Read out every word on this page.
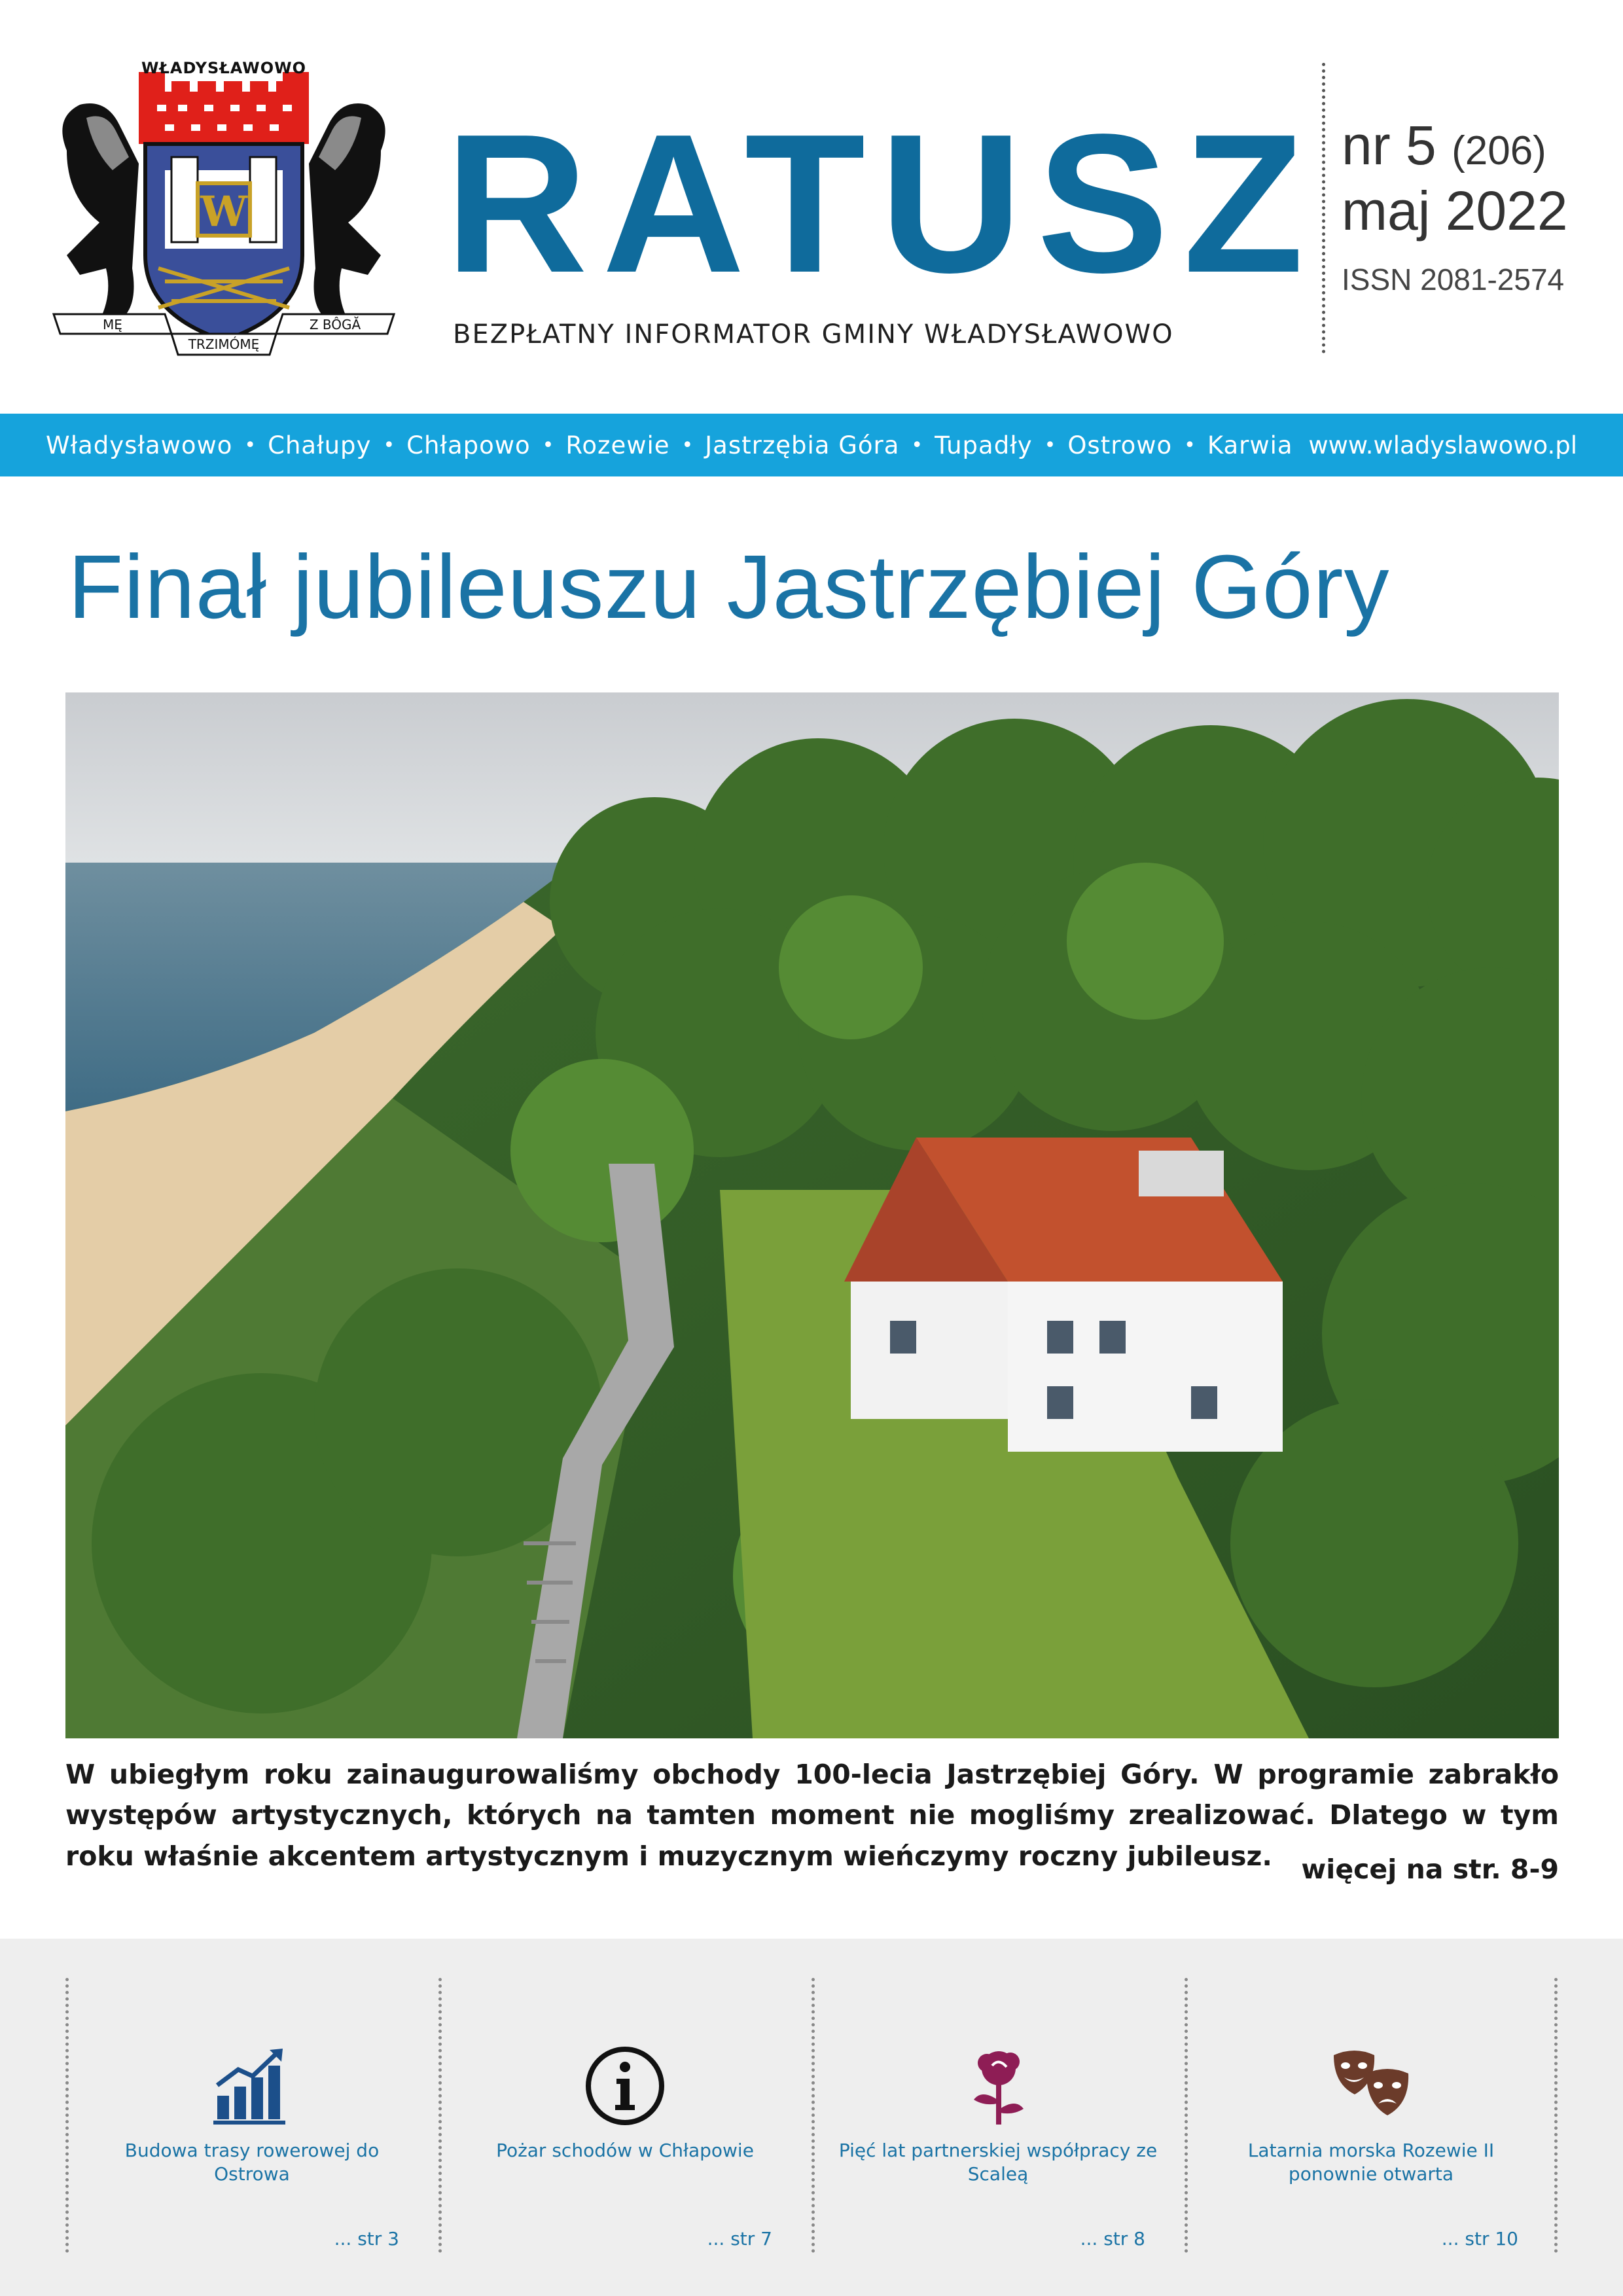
WŁADYSŁAWOWO
W
MĘ	Z BÔGĂ
TRZIMÓMĘ
RATUSZ
BEZPŁATNY INFORMATOR GMINY WŁADYSŁAWOWO
nr 5 (206)
maj 2022
ISSN 2081-2574
Władysławowo • Chałupy • Chłapowo • Rozewie • Jastrzębia Góra • Tupadły • Ostrowo • Karwia www.wladyslawowo.pl
Finał jubileuszu Jastrzębiej Góry

W ubiegłym roku zainaugurowaliśmy obchody 100-lecia Jastrzębiej Góry. W programie zabrakło występów artystycznych, których na tamten moment nie mogliśmy zrealizować. Dlatego w tym roku właśnie akcentem artystycznym i muzycznym wieńczymy roczny jubileusz.	więcej na str. 8-9
Budowa trasy rowerowej do Ostrowa
... str 3
Pożar schodów w Chłapowie
... str 7
Pięć lat partnerskiej współpracy ze Scaleą
... str 8
Latarnia morska Rozewie II ponownie otwarta
... str 10
